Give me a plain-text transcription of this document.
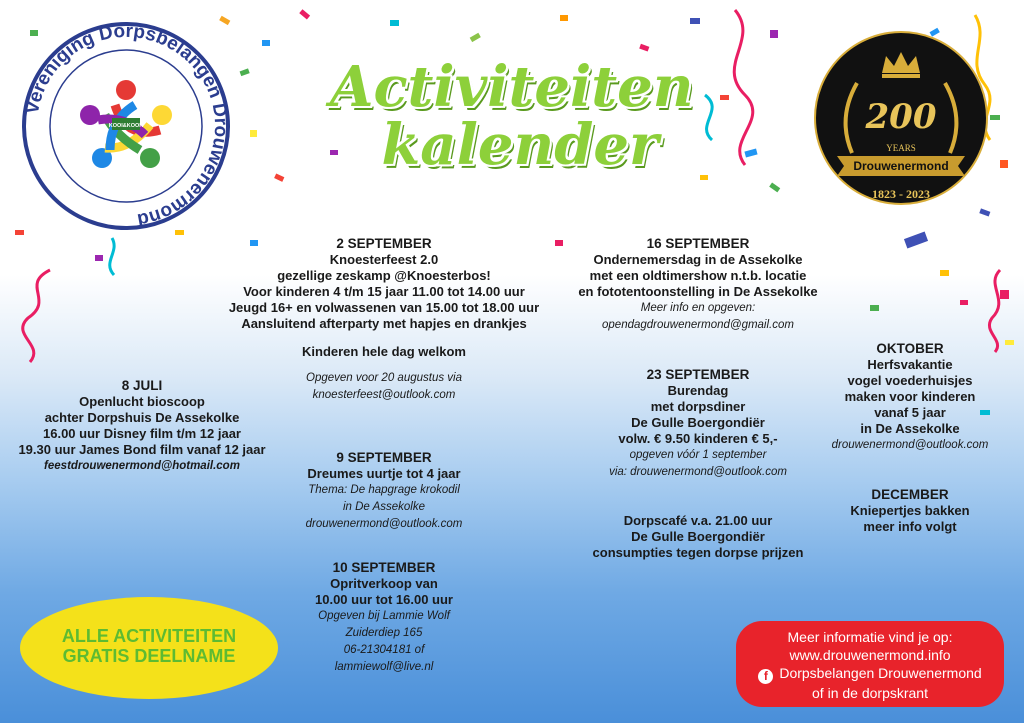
Vereniging Dorpsbelangen Drouwenermond
KOOI&KOOK
Activiteiten
kalender	200
YEARS
Drouwenermond
1823 - 2023
8 JULI
Openlucht bioscoop
achter Dorpshuis De Assekolke
16.00 uur Disney film t/m 12 jaar
19.30 uur James Bond film vanaf 12 jaar
feestdrouwenermond@hotmail.com
2 SEPTEMBER
Knoesterfeest 2.0
gezellige zeskamp @Knoesterbos!
Voor kinderen 4 t/m 15 jaar 11.00 tot 14.00 uur
Jeugd 16+ en volwassenen van 15.00 tot 18.00 uur
Aansluitend afterparty met hapjes en drankjes
Kinderen hele dag welkom
Opgeven voor 20 augustus via
knoesterfeest@outlook.com
9 SEPTEMBER
Dreumes uurtje tot 4 jaar
Thema: De hapgrage krokodil
in De Assekolke
drouwenermond@outlook.com
10 SEPTEMBER
Opritverkoop van
10.00 uur tot 16.00 uur
Opgeven bij Lammie Wolf
Zuiderdiep 165
06-21304181 of
lammiewolf@live.nl
16 SEPTEMBER
Ondernemersdag in de Assekolke
met een oldtimershow n.t.b. locatie
en fototentoonstelling in De Assekolke
Meer info en opgeven:
opendagdrouwenermond@gmail.com
23 SEPTEMBER
Burendag
met dorpsdiner
De Gulle Boergondiër
volw. € 9.50 kinderen € 5,-
opgeven vóór 1 september
via: drouwenermond@outlook.com
Dorpscafé v.a. 21.00 uur
De Gulle Boergondiër
consumpties tegen dorpse prijzen
OKTOBER
Herfsvakantie
vogel voederhuisjes
maken voor kinderen
vanaf 5 jaar
in De Assekolke
drouwenermond@outlook.com
DECEMBER
Kniepertjes bakken
meer info volgt
ALLE ACTIVITEITEN
GRATIS DEELNAME
Meer informatie vind je op:
www.drouwenermond.info
f Dorpsbelangen Drouwenermond
of in de dorpskrant
